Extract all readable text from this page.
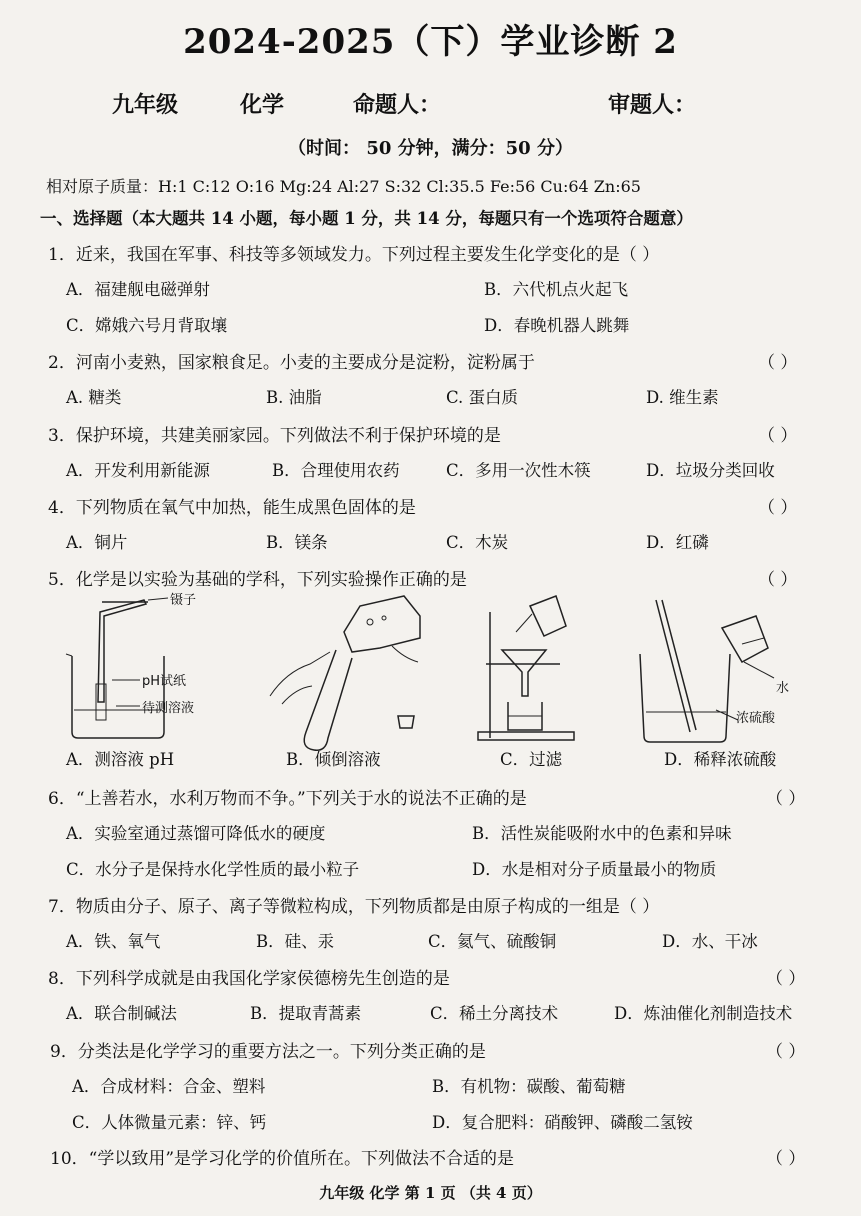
2024-2025（下）学业诊断 2
九年级	化学	命题人：	审题人：
（时间： 50 分钟，满分：50 分）
相对原子质量：H:1 C:12 O:16 Mg:24 Al:27 S:32 Cl:35.5 Fe:56 Cu:64 Zn:65
一、选择题（本大题共 14 小题，每小题 1 分，共 14 分，每题只有一个选项符合题意）
1．近来，我国在军事、科技等多领域发力。下列过程主要发生化学变化的是（ ）
A．福建舰电磁弹射	B．六代机点火起飞
C．嫦娥六号月背取壤	D．春晚机器人跳舞
2．河南小麦熟，国家粮食足。小麦的主要成分是淀粉，淀粉属于	（ ）
A. 糖类	B. 油脂	C. 蛋白质	D. 维生素
3．保护环境，共建美丽家园。下列做法不利于保护环境的是	（ ）
A．开发利用新能源	B．合理使用农药	C．多用一次性木筷	D．垃圾分类回收
4．下列物质在氧气中加热，能生成黑色固体的是	（ ）
A．铜片	B．镁条	C．木炭	D．红磷
5．化学是以实验为基础的学科，下列实验操作正确的是	（ ）
镊子
pH试纸
待测溶液
水
浓硫酸
A．测溶液 pH	B．倾倒溶液	C．过滤	D．稀释浓硫酸
6．“上善若水，水利万物而不争。”下列关于水的说法不正确的是	（ ）
A．实验室通过蒸馏可降低水的硬度	B．活性炭能吸附水中的色素和异味
C．水分子是保持水化学性质的最小粒子	D．水是相对分子质量最小的物质
7．物质由分子、原子、离子等微粒构成，下列物质都是由原子构成的一组是（ ）
A．铁、氧气	B．硅、汞	C．氦气、硫酸铜	D．水、干冰
8．下列科学成就是由我国化学家侯德榜先生创造的是	（ ）
A．联合制碱法	B．提取青蒿素	C．稀土分离技术	D．炼油催化剂制造技术
9．分类法是化学学习的重要方法之一。下列分类正确的是	（ ）
A．合成材料：合金、塑料	B．有机物：碳酸、葡萄糖
C．人体微量元素：锌、钙	D．复合肥料：硝酸钾、磷酸二氢铵
10．“学以致用”是学习化学的价值所在。下列做法不合适的是	（ ）
九年级 化学 第 1 页 （共 4 页）
